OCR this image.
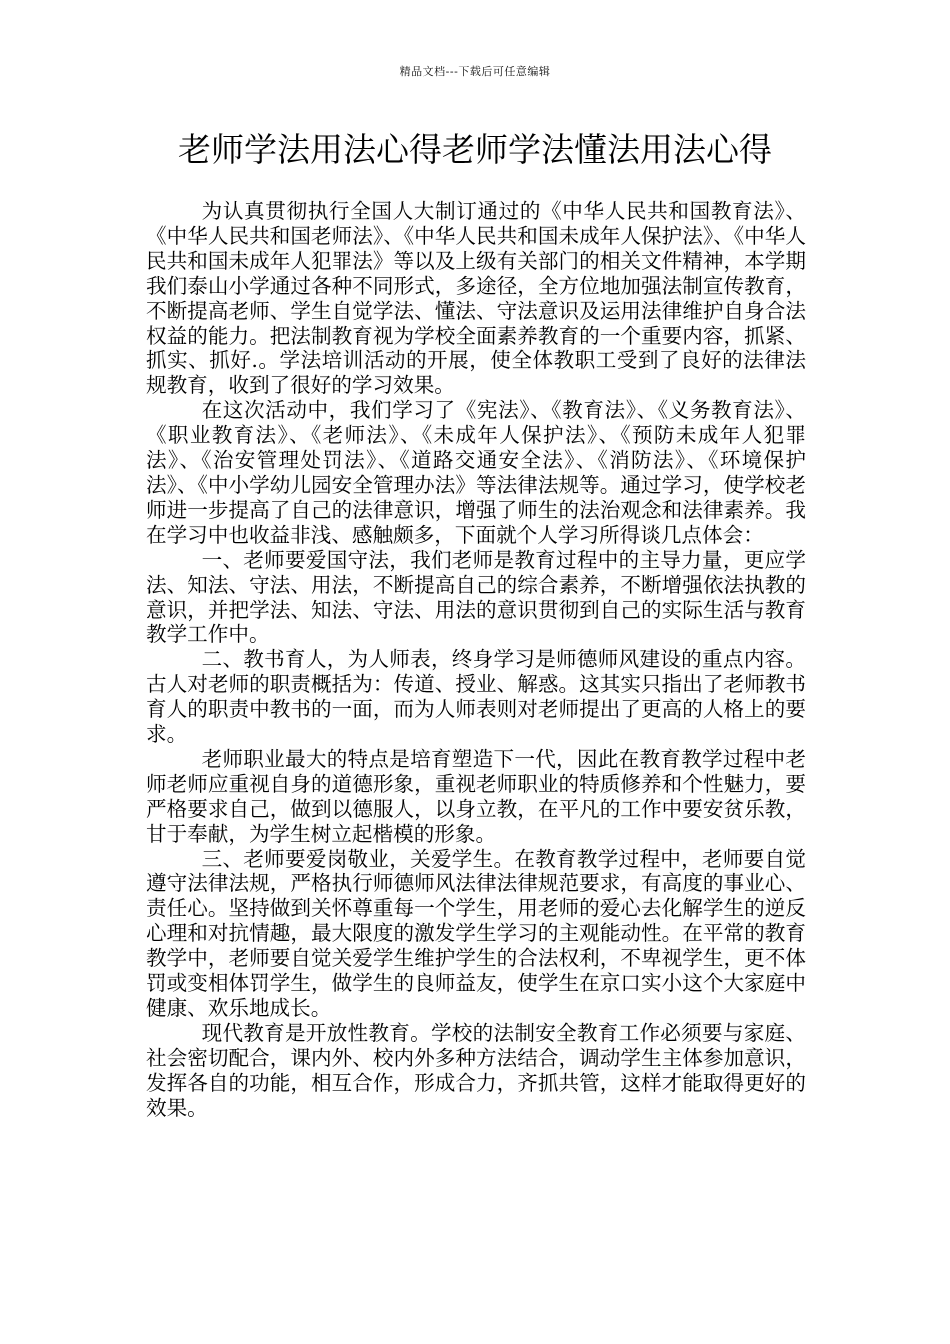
精品文档---下载后可任意编辑
老师学法用法心得老师学法懂法用法心得

为认真贯彻执行全国人大制订通过的《中华人民共和国教育法》、《中华人民共和国老师法》、《中华人民共和国未成年人保护法》、《中华人民共和国未成年人犯罪法》等以及上级有关部门的相关文件精神，本学期我们泰山小学通过各种不同形式，多途径，全方位地加强法制宣传教育，不断提高老师、学生自觉学法、懂法、守法意识及运用法律维护自身合法权益的能力。把法制教育视为学校全面素养教育的一个重要内容，抓紧、抓实、抓好.。学法培训活动的开展，使全体教职工受到了良好的法律法规教育，收到了很好的学习效果。

在这次活动中，我们学习了《宪法》、《教育法》、《义务教育法》、《职业教育法》、《老师法》、《未成年人保护法》、《预防未成年人犯罪法》、《治安管理处罚法》、《道路交通安全法》、《消防法》、《环境保护法》、《中小学幼儿园安全管理办法》等法律法规等。通过学习，使学校老师进一步提高了自己的法律意识，增强了师生的法治观念和法律素养。我在学习中也收益非浅、感触颇多，下面就个人学习所得谈几点体会：

一、老师要爱国守法，我们老师是教育过程中的主导力量，更应学法、知法、守法、用法，不断提高自己的综合素养，不断增强依法执教的意识，并把学法、知法、守法、用法的意识贯彻到自己的实际生活与教育教学工作中。

二、教书育人，为人师表，终身学习是师德师风建设的重点内容。古人对老师的职责概括为：传道、授业、解惑。这其实只指出了老师教书育人的职责中教书的一面，而为人师表则对老师提出了更高的人格上的要求。

老师职业最大的特点是培育塑造下一代，因此在教育教学过程中老师老师应重视自身的道德形象，重视老师职业的特质修养和个性魅力，要严格要求自己，做到以德服人，以身立教，在平凡的工作中要安贫乐教，甘于奉献，为学生树立起楷模的形象。

三、老师要爱岗敬业，关爱学生。在教育教学过程中，老师要自觉遵守法律法规，严格执行师德师风法律法律规范要求，有高度的事业心、责任心。坚持做到关怀尊重每一个学生，用老师的爱心去化解学生的逆反心理和对抗情趣，最大限度的激发学生学习的主观能动性。在平常的教育教学中，老师要自觉关爱学生维护学生的合法权利，不卑视学生，更不体罚或变相体罚学生，做学生的良师益友，使学生在京口实小这个大家庭中健康、欢乐地成长。

现代教育是开放性教育。学校的法制安全教育工作必须要与家庭、社会密切配合，课内外、校内外多种方法结合，调动学生主体参加意识，发挥各自的功能，相互合作，形成合力，齐抓共管，这样才能取得更好的效果。
